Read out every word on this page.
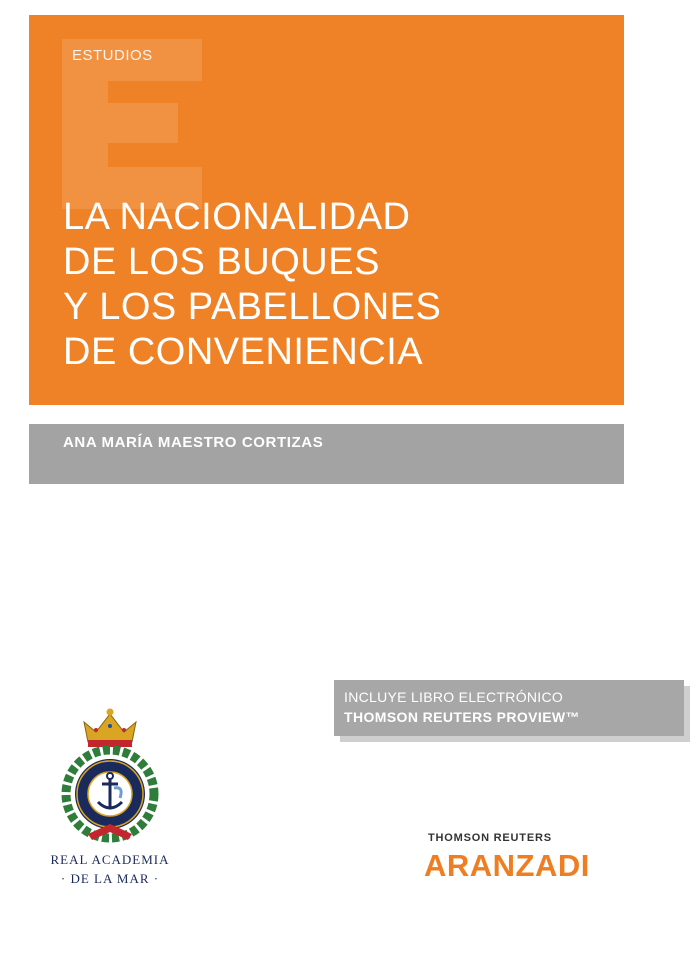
ESTUDIOS
LA NACIONALIDAD
DE LOS BUQUES
Y LOS PABELLONES
DE CONVENIENCIA
ANA MARÍA MAESTRO CORTIZAS
INCLUYE LIBRO ELECTRÓNICO
THOMSON REUTERS PROVIEW™
REAL ACADEMIA
· DE LA MAR ·
THOMSON REUTERS
ARANZADI
